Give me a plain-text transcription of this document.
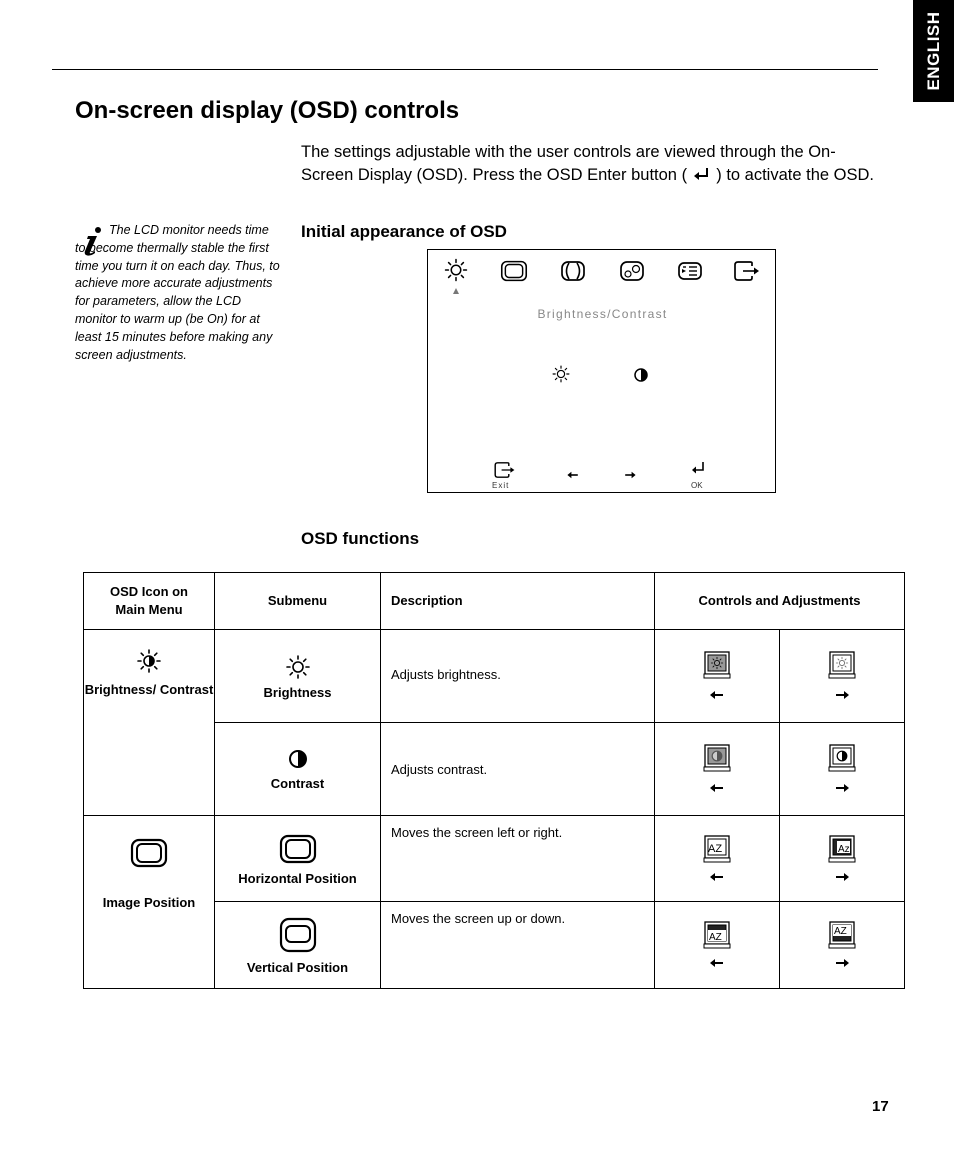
ENGLISH
On-screen display (OSD) controls
The settings adjustable with the user controls are viewed through the On-Screen Display (OSD). Press the OSD Enter button ( ) to activate the OSD.
The LCD monitor needs time to become thermally stable the first time you turn it on each day. Thus, to achieve more accurate adjustments for parameters, allow the LCD monitor to warm up (be On) for at least 15 minutes before making any screen adjustments.
Initial appearance of OSD
Brightness/Contrast
Exit	OK
OSD functions
OSD Icon on Main Menu	Submenu	Description	Controls and Adjustments	

Brightness/ Contrast	Brightness	Adjusts brightness.	

	Contrast	Adjusts contrast.	

Image Position	Horizontal Position	Moves the screen left or right.	AZ	Az

	Vertical Position	Moves the screen up or down.	AZ	AZ
17
